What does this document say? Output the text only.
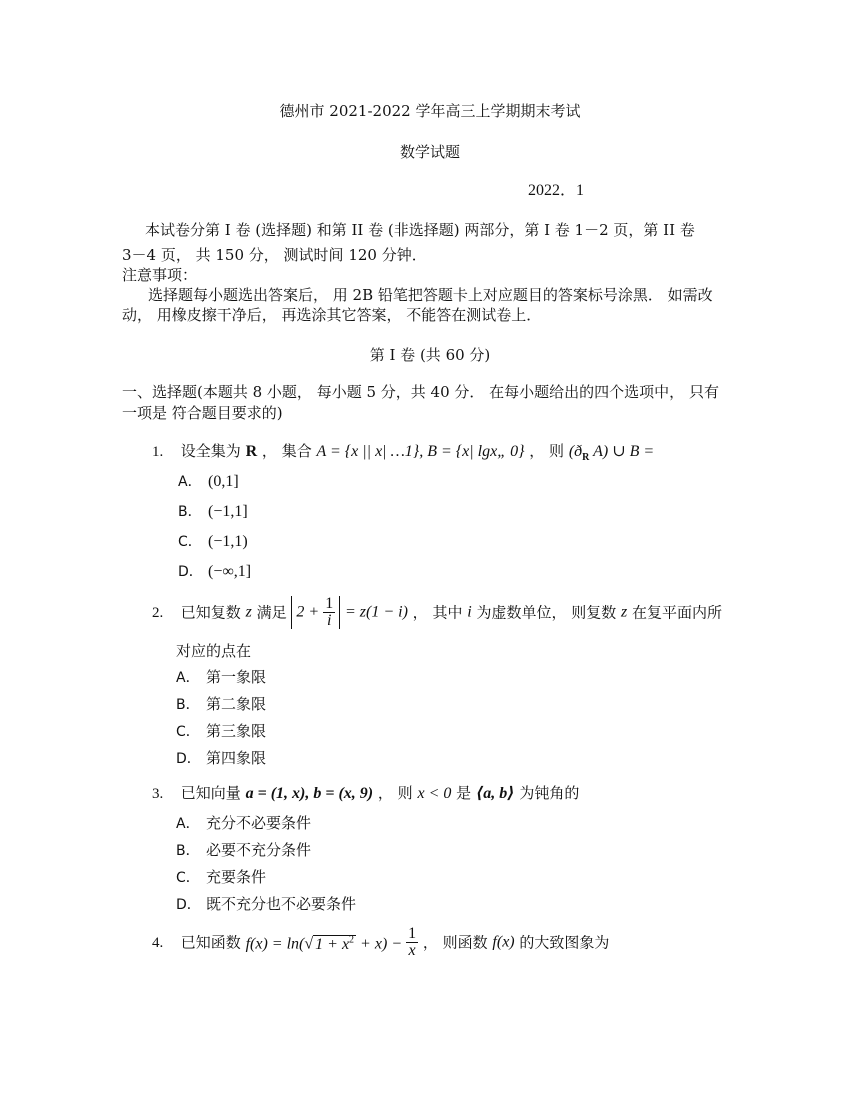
德州市 2021-2022 学年高三上学期期末考试
数学试题
2022．1
本试卷分第 I 卷 (选择题) 和第 II 卷 (非选择题) 两部分，第 I 卷 1－2 页，第 II 卷
3－4 页， 共 150 分， 测试时间 120 分钟．
注意事项：
选择题每小题选出答案后， 用 2B 铅笔把答题卡上对应题目的答案标号涂黑． 如需改
动， 用橡皮擦干净后， 再选涂其它答案， 不能答在测试卷上．
第 I 卷 (共 60 分)
一、选择题(本题共 8 小题， 每小题 5 分，共 40 分． 在每小题给出的四个选项中， 只有
一项是 符合题目要求的)
1. 设全集为 R ， 集合 A = {x || x| …1}, B = {x| lgx„ 0} ， 则 ($ð_R$ A) ∪ B =
A． (0,1]
B． (−1,1]
C． (−1,1)
D． (−∞,1]
2. 已知复数 z 满足 $2 + \frac{1}{i} = z(1 - i)$ ， 其中 i 为虚数单位， 则复数 z 在复平面内所
对应的点在
A． 第一象限
B． 第二象限
C． 第三象限
D． 第四象限
3. 已知向量 a = (1, x), b = (x, 9) ， 则 x < 0 是 ⟨a, b⟩ 为钝角的
A． 充分不必要条件
B． 必要不充分条件
C． 充要条件
D． 既不充分也不必要条件
4. 已知函数 f(x) = ln(√ $1 + x^2 + x) - \frac{1}{x}$ ， 则函数 f(x) 的大致图象为
